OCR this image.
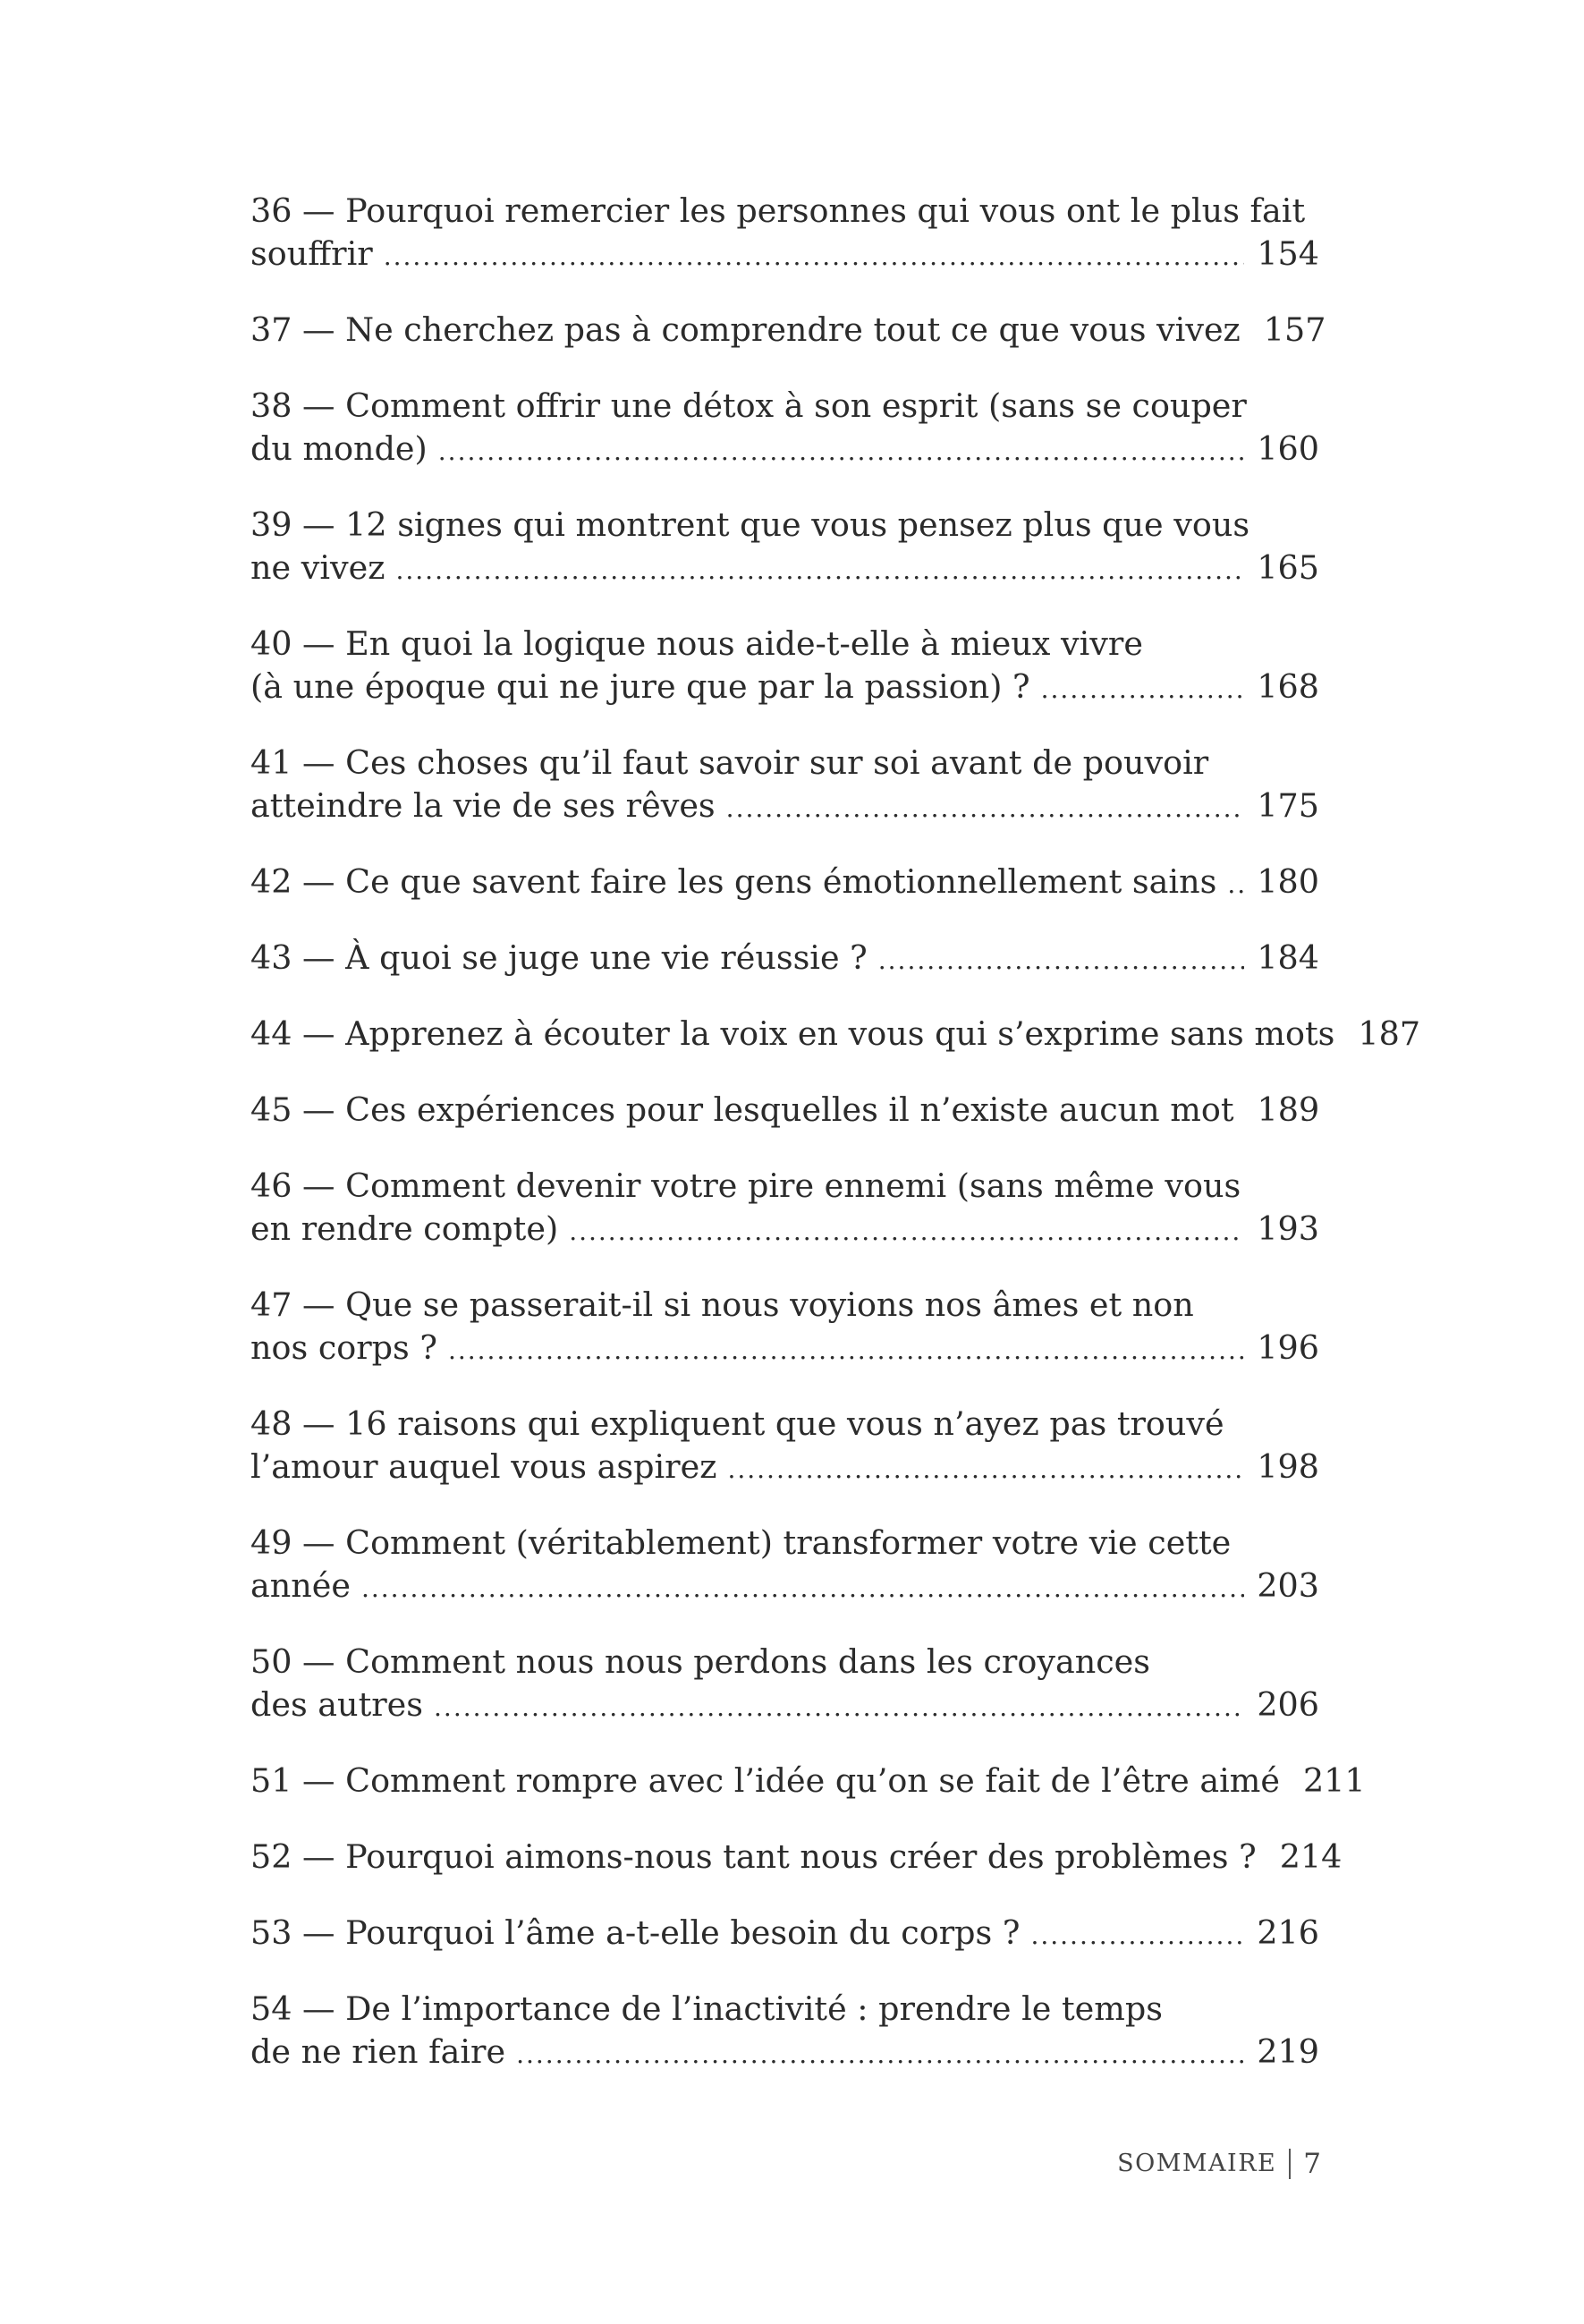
36 — Pourquoi remercier les personnes qui vous ont le plus fait
souffrir .....	154
37 — Ne cherchez pas à comprendre tout ce que vous vivez 157
38 — Comment offrir une détox à son esprit (sans se couper
du monde) .....	160
39 — 12 signes qui montrent que vous pensez plus que vous
ne vivez .....	165
40 — En quoi la logique nous aide-t-elle à mieux vivre
(à une époque qui ne jure que par la passion) ? .....	168
41 — Ces choses qu’il faut savoir sur soi avant de pouvoir
atteindre la vie de ses rêves .....	175
42 — Ce que savent faire les gens émotionnellement sains ..... 180
43 — À quoi se juge une vie réussie ? .....	184
44 — Apprenez à écouter la voix en vous qui s’exprime sans mots 187
45 — Ces expériences pour lesquelles il n’existe aucun mot 189
46 — Comment devenir votre pire ennemi (sans même vous
en rendre compte) .....	193
47 — Que se passerait-il si nous voyions nos âmes et non
nos corps ? .....	196
48 — 16 raisons qui expliquent que vous n’ayez pas trouvé
l’amour auquel vous aspirez .....	198
49 — Comment (véritablement) transformer votre vie cette
année .....	203
50 — Comment nous nous perdons dans les croyances
des autres .....	206
51 — Comment rompre avec l’idée qu’on se fait de l’être aimé 211
52 — Pourquoi aimons-nous tant nous créer des problèmes ? 214
53 — Pourquoi l’âme a-t-elle besoin du corps ? .....	216
54 — De l’importance de l’inactivité : prendre le temps
de ne rien faire .....	219
SOMMAIRE 7
